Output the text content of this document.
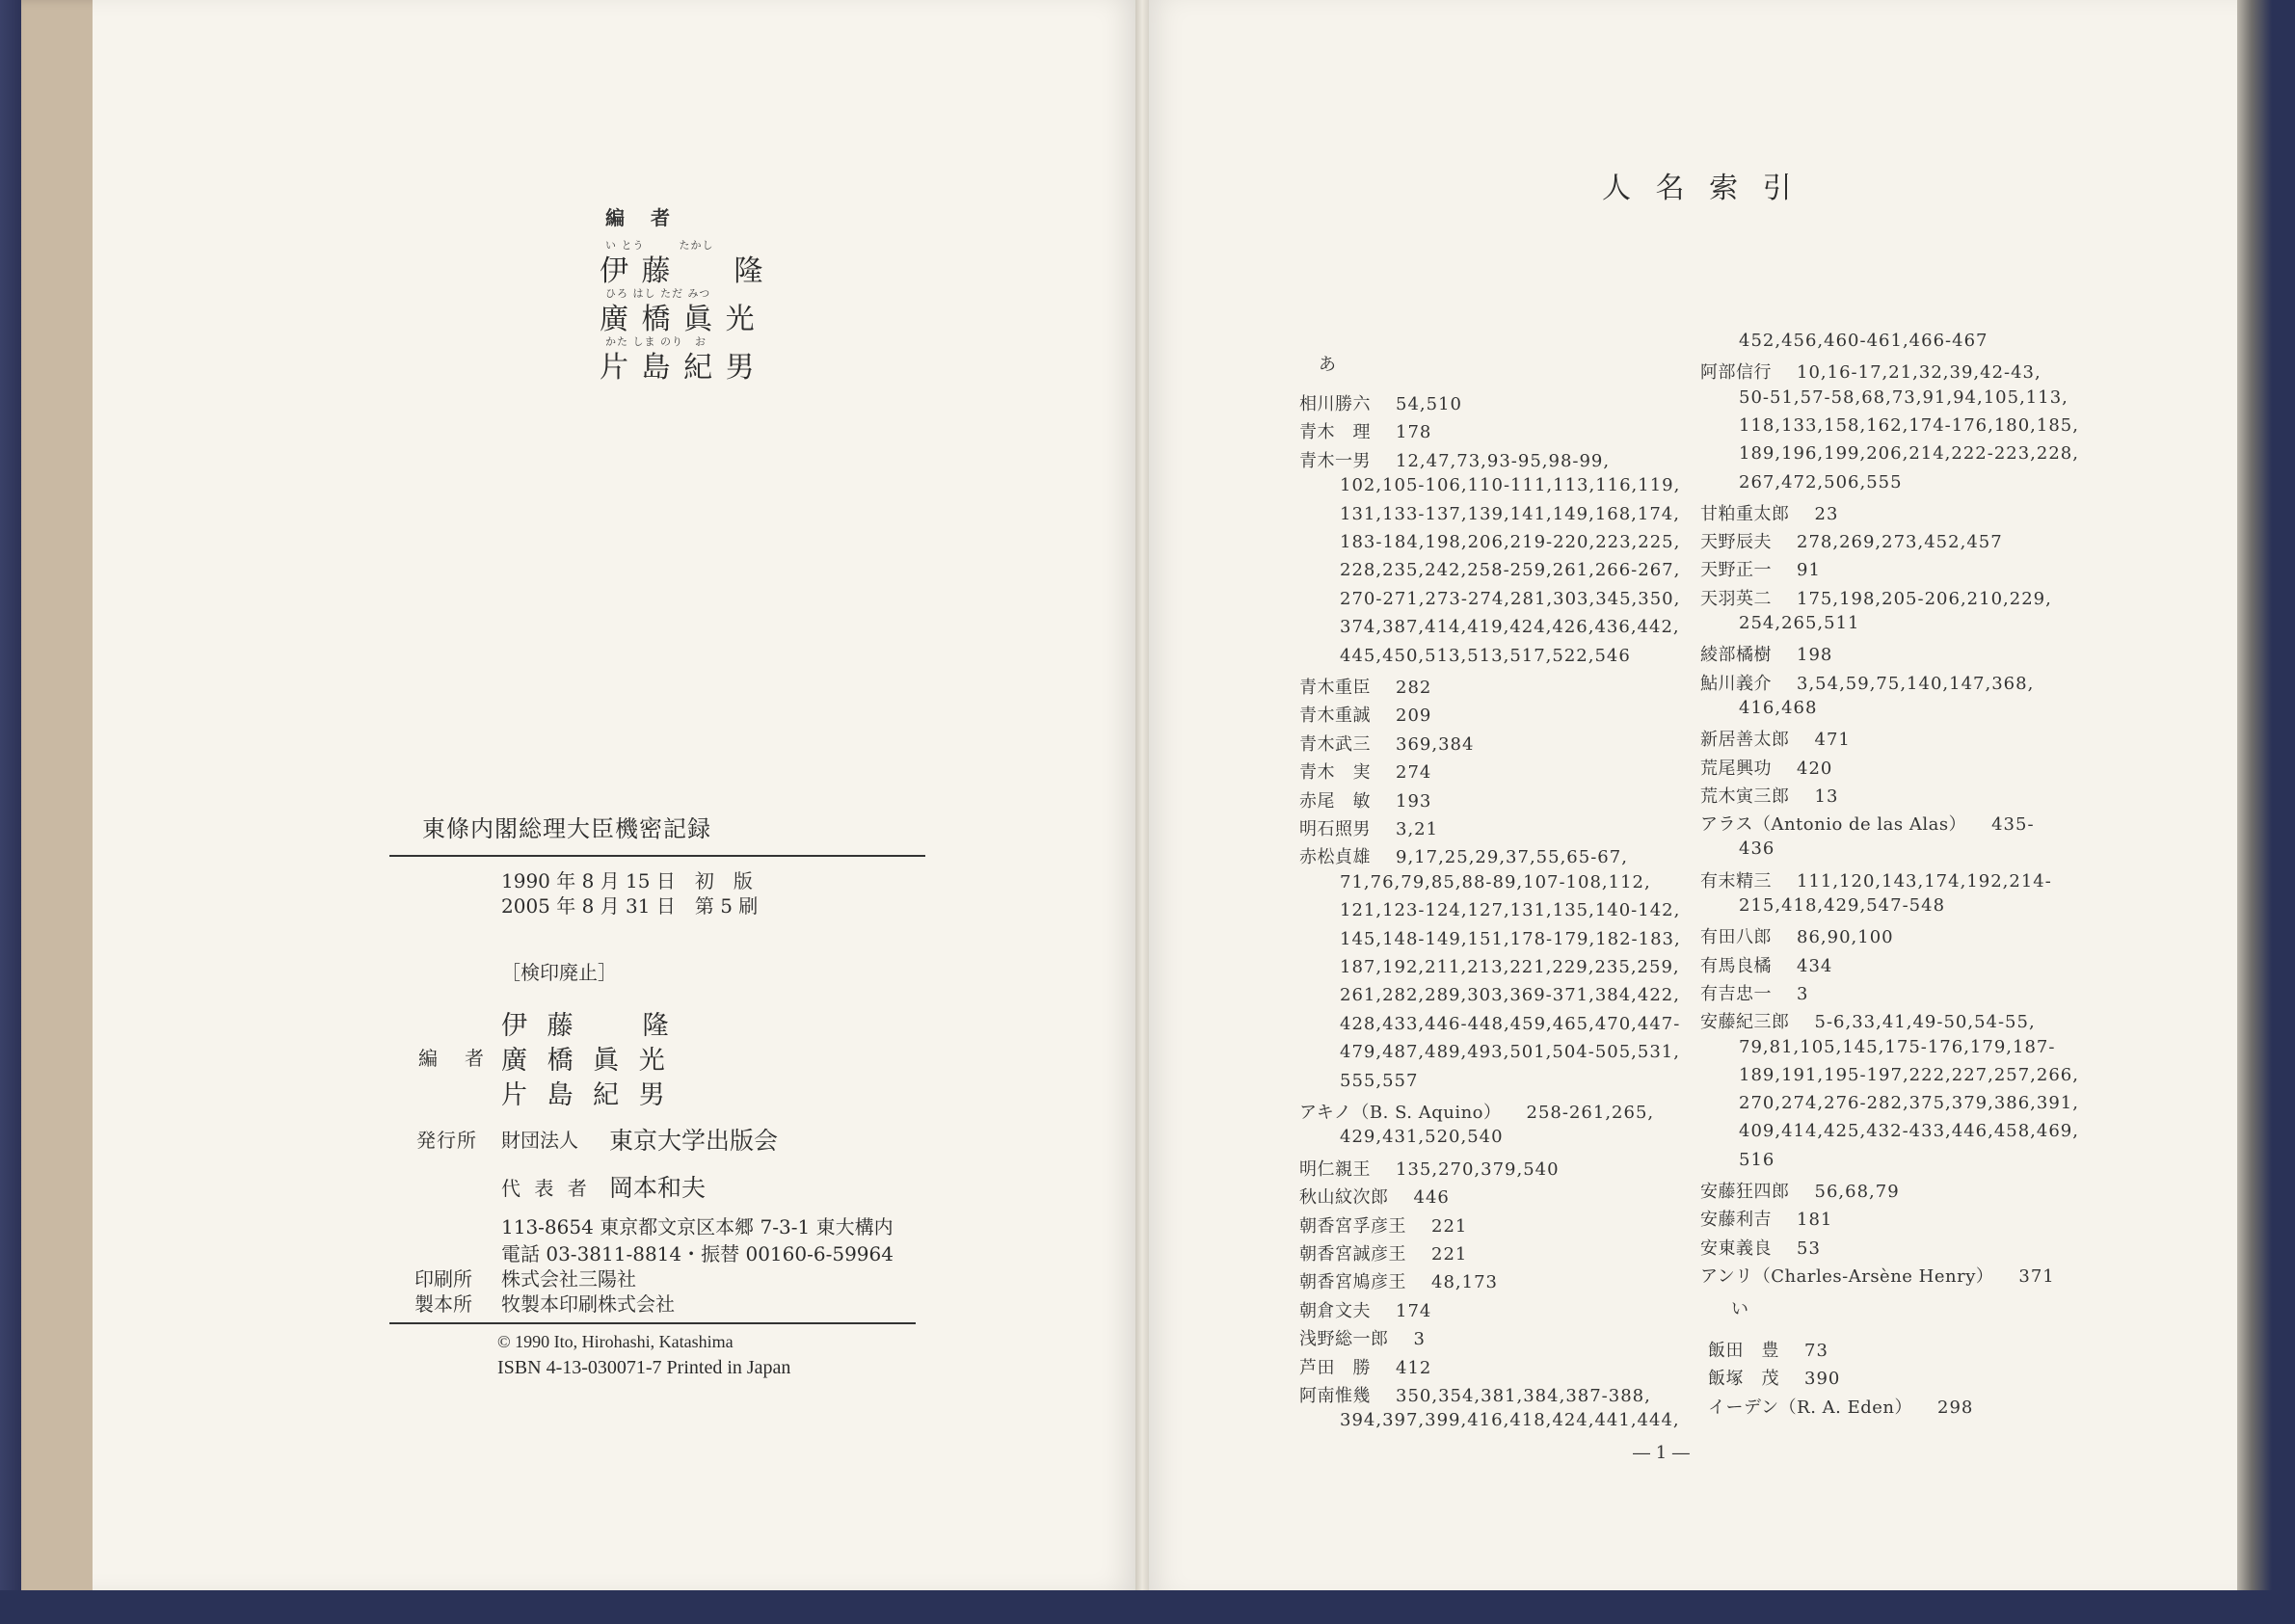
編 者
い とう　　　たかし
伊 藤　　隆
ひろ はし ただ みつ
廣 橋 眞 光
かた しま のり　お
片 島 紀 男
東條内閣総理大臣機密記録
1990 年 8 月 15 日　初　版
2005 年 8 月 31 日　第 5 刷
［検印廃止］
伊 藤　　隆
編　者 廣 橋 眞 光
片 島 紀 男
発行所 財団法人 東京大学出版会
代 表 者 岡本和夫
113-8654 東京都文京区本郷 7-3-1 東大構内
電話 03-3811-8814・振替 00160-6-59964
印刷所 株式会社三陽社
製本所 牧製本印刷株式会社
© 1990 Ito, Hirohashi, Katashima
ISBN 4-13-030071-7 Printed in Japan
人 名 索 引
あ
相川勝六 54,510
青木　理 178
青木一男 12,47,73,93-95,98-99,
102,105-106,110-111,113,116,119,
131,133-137,139,141,149,168,174,
183-184,198,206,219-220,223,225,
228,235,242,258-259,261,266-267,
270-271,273-274,281,303,345,350,
374,387,414,419,424,426,436,442,
445,450,513,513,517,522,546
青木重臣 282
青木重誠 209
青木武三 369,384
青木　実 274
赤尾　敏 193
明石照男 3,21
赤松貞雄 9,17,25,29,37,55,65-67,
71,76,79,85,88-89,107-108,112,
121,123-124,127,131,135,140-142,
145,148-149,151,178-179,182-183,
187,192,211,213,221,229,235,259,
261,282,289,303,369-371,384,422,
428,433,446-448,459,465,470,447-
479,487,489,493,501,504-505,531,
555,557
アキノ（B. S. Aquino） 258-261,265,
429,431,520,540
明仁親王 135,270,379,540
秋山紋次郎 446
朝香宮孚彦王 221
朝香宮誠彦王 221
朝香宮鳩彦王 48,173
朝倉文夫 174
浅野総一郎 3
芦田　勝 412
阿南惟幾 350,354,381,384,387-388,
394,397,399,416,418,424,441,444,
452,456,460-461,466-467
阿部信行 10,16-17,21,32,39,42-43,
50-51,57-58,68,73,91,94,105,113,
118,133,158,162,174-176,180,185,
189,196,199,206,214,222-223,228,
267,472,506,555
甘粕重太郎 23
天野辰夫 278,269,273,452,457
天野正一 91
天羽英二 175,198,205-206,210,229,
254,265,511
綾部橘樹 198
鮎川義介 3,54,59,75,140,147,368,
416,468
新居善太郎 471
荒尾興功 420
荒木寅三郎 13
アラス（Antonio de las Alas） 435-
436
有末精三 111,120,143,174,192,214-
215,418,429,547-548
有田八郎 86,90,100
有馬良橘 434
有吉忠一 3
安藤紀三郎 5-6,33,41,49-50,54-55,
79,81,105,145,175-176,179,187-
189,191,195-197,222,227,257,266,
270,274,276-282,375,379,386,391,
409,414,425,432-433,446,458,469,
516
安藤狂四郎 56,68,79
安藤利吉 181
安東義良 53
アンリ（Charles-Arsène Henry） 371
い
飯田　豊 73
飯塚　茂 390
イーデン（R. A. Eden） 298
― 1 ―
